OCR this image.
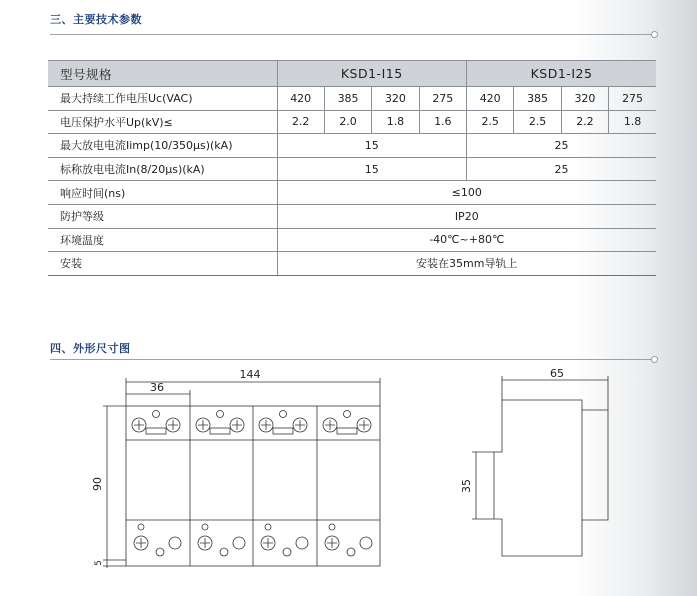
三、主要技术参数
型号规格	KSD1-I15				KSD1-I25			
最大持续工作电压Uc(VAC)	420	385	320	275	420	385	320	275
电压保护水平Up(kV)≤	2.2	2.0	1.8	1.6	2.5	2.5	2.2	1.8
最大放电电流Iimp(10/350μs)(kA)	15				25			
标称放电电流In(8/20μs)(kA)	15				25			
响应时间(ns)	≤100							
防护等级	IP20							
环境温度	-40℃~+80℃							
安装	安装在35mm导轨上							
四、外形尺寸图
144
36
90
5
65
35
